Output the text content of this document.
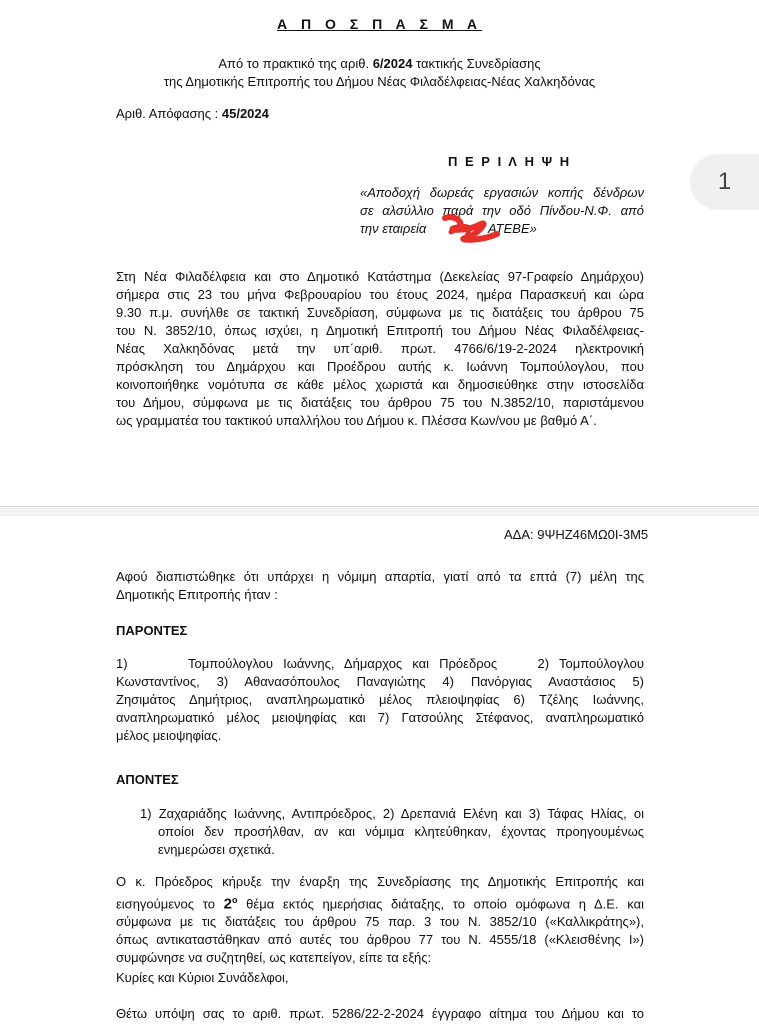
Α Π Ο Σ Π Α Σ Μ Α
Από το πρακτικό της αριθ. 6/2024 τακτικής Συνεδρίασης
της Δημοτικής Επιτροπής του Δήμου Νέας Φιλαδέλφειας-Νέας Χαλκηδόνας
Αριθ. Απόφασης : 45/2024
Π Ε Ρ Ι Λ Η Ψ Η
«Αποδοχή δωρεάς εργασιών κοπής δένδρων
σε αλσύλλιο παρά την οδό Πίνδου-Ν.Φ. από
την εταιρεία	ATEBE»
1
Στη Νέα Φιλαδέλφεια και στο Δημοτικό Κατάστημα (Δεκελείας 97-Γραφείο Δημάρχου)
σήμερα στις 23 του μήνα Φεβρουαρίου του έτους 2024, ημέρα Παρασκευή και ώρα
9.30 π.μ. συνήλθε σε τακτική Συνεδρίαση, σύμφωνα με τις διατάξεις του άρθρου 75
του Ν. 3852/10, όπως ισχύει, η Δημοτική Επιτροπή του Δήμου Νέας Φιλαδέλφειας-
Νέας Χαλκηδόνας μετά την υπ΄αριθ. πρωτ. 4766/6/19-2-2024 ηλεκτρονική
πρόσκληση του Δημάρχου και Προέδρου αυτής κ. Ιωάννη Τομπούλογλου, που
κοινοποιήθηκε νομότυπα σε κάθε μέλος χωριστά και δημοσιεύθηκε στην ιστοσελίδα
του Δήμου, σύμφωνα με τις διατάξεις του άρθρου 75 του Ν.3852/10, παριστάμενου
ως γραμματέα του τακτικού υπαλλήλου του Δήμου κ. Πλέσσα Κων/νου με βαθμό Α΄.
ΑΔΑ: 9ΨΗΖ46ΜΩ0Ι-3Μ5
Αφού διαπιστώθηκε ότι υπάρχει η νόμιμη απαρτία, γιατί από τα επτά (7) μέλη της
Δημοτικής Επιτροπής ήταν :
ΠΑΡΟΝΤΕΣ
1)      Τομπούλογλου Ιωάννης, Δήμαρχος και Πρόεδρος    2) Τομπούλογλου
Κωνσταντίνος, 3) Αθανασόπουλος Παναγιώτης 4) Πανόργιας Αναστάσιος 5)
Ζησιμάτος Δημήτριος, αναπληρωματικό μέλος πλειοψηφίας 6) Τζέλης Ιωάννης,
αναπληρωματικό μέλος μειοψηφίας και 7) Γατσούλης Στέφανος, αναπληρωματικό
μέλος μειοψηφίας.
ΑΠΟΝΤΕΣ
1) Ζαχαριάδης Ιωάννης, Αντιπρόεδρος, 2) Δρεπανιά Ελένη και 3) Τάφας Ηλίας, οι
οποίοι δεν προσήλθαν, αν και νόμιμα κλητεύθηκαν, έχοντας προηγουμένως
ενημερώσει σχετικά.
Ο κ. Πρόεδρος κήρυξε την έναρξη της Συνεδρίασης της Δημοτικής Επιτροπής και
εισηγούμενος το $2^o$ θέμα εκτός ημερήσιας διάταξης, το οποίο ομόφωνα η Δ.Ε. και
σύμφωνα με τις διατάξεις του άρθρου 75 παρ. 3 του Ν. 3852/10 («Καλλικράτης»),
όπως αντικαταστάθηκαν από αυτές του άρθρου 77 του Ν. 4555/18 («Κλεισθένης Ι»)
συμφώνησε να συζητηθεί, ως κατεπείγον, είπε τα εξής:
Κυρίες και Κύριοι Συνάδελφοι,
Θέτω υπόψη σας το αριθ. πρωτ. 5286/22-2-2024 έγγραφο αίτημα του Δήμου και το
